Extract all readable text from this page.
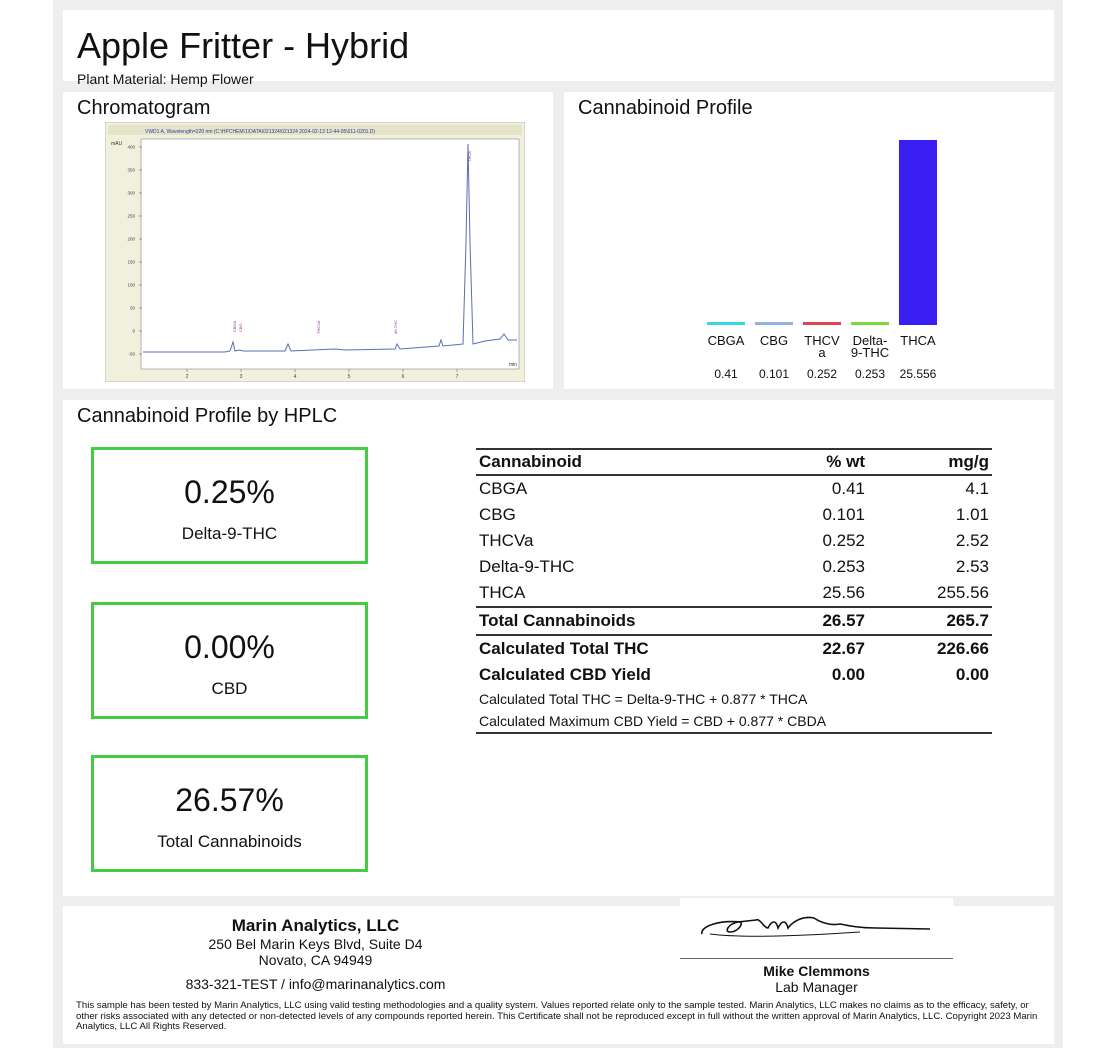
Apple Fritter - Hybrid
Plant Material: Hemp Flower
Chromatogram
VWD1 A, Wavelength=220 nm (C:\HPCHEM\1\DATA\021324\021324 2024-02-13 12-44-05\011-0201.D)
mAU
min
400
350
300
250
200
150
100
50
0
-50
2	3	4	5	6	7
CBGA CBG	THCVA	d9-THC
THCA
Cannabinoid Profile
CBGA
0.41
CBG
0.101
THCV
a
0.252
Delta-
9-THC
0.253
THCA
25.556
Cannabinoid Profile by HPLC
0.25%
Delta-9-THC
0.00%
CBD
26.57%
Total Cannabinoids
Cannabinoid	% wt	mg/g
CBGA	0.41	4.1
CBG	0.101	1.01
THCVa	0.252	2.52
Delta-9-THC	0.253	2.53
THCA	25.56	255.56
Total Cannabinoids	26.57	265.7
Calculated Total THC	22.67	226.66
Calculated CBD Yield	0.00	0.00
Calculated Total THC = Delta-9-THC + 0.877 * THCA		
Calculated Maximum CBD Yield = CBD + 0.877 * CBDA		
Marin Analytics, LLC
250 Bel Marin Keys Blvd, Suite D4
Novato, CA 94949
833-321-TEST / info@marinanalytics.com
Mike Clemmons
Lab Manager
This sample has been tested by Marin Analytics, LLC using valid testing methodologies and a quality system. Values reported relate only to the sample tested. Marin Analytics, LLC makes no claims as to the efficacy, safety, or other risks associated with any detected or non-detected levels of any compounds reported herein. This Certificate shall not be reproduced except in full without the written approval of Marin Analytics, LLC. Copyright 2023 Marin Analytics, LLC All Rights Reserved.
